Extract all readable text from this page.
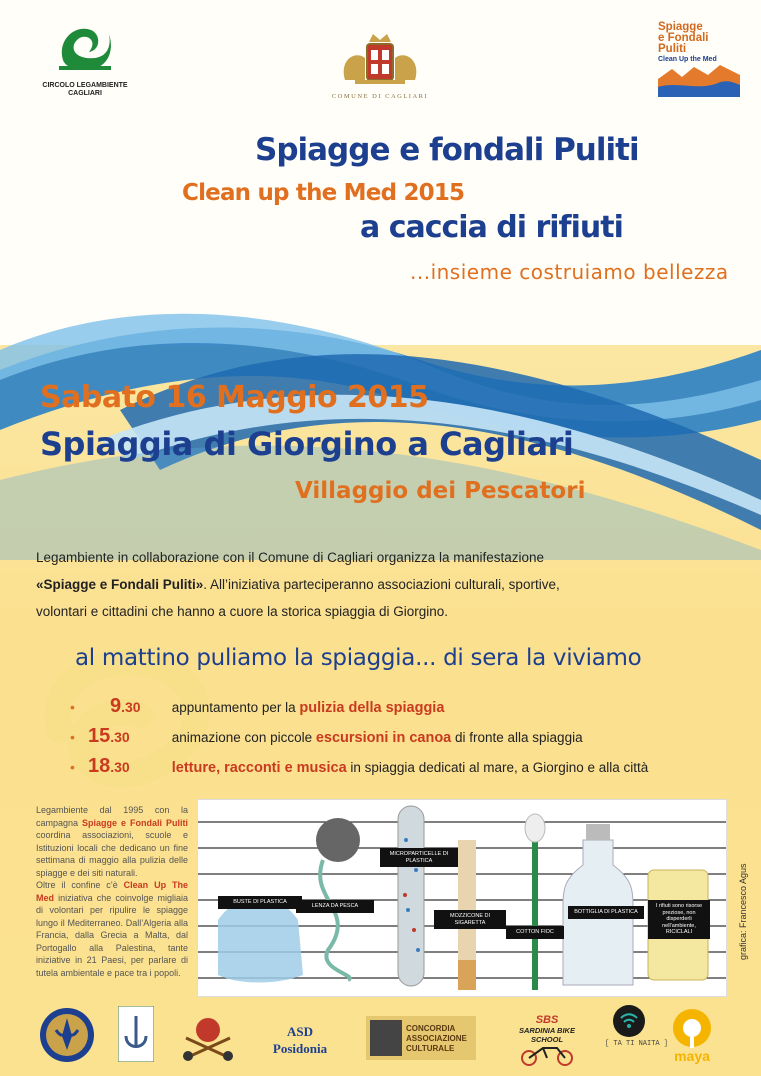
CIRCOLO LEGAMBIENTE
CAGLIARI	COMUNE DI CAGLIARI
Spiagge
e Fondali
Puliti
Clean Up the Med
Spiagge e fondali Puliti
Clean up the Med 2015
a caccia di rifiuti
...insieme costruiamo bellezza
Sabato 16 Maggio 2015
Spiaggia di Giorgino a Cagliari
Villaggio dei Pescatori

Legambiente in collaborazione con il Comune di Cagliari organizza la manifestazione

«Spiagge e Fondali Puliti». All’iniziativa parteciperanno associazioni culturali, sportive,

volontari e cittadini che hanno a cuore la storica spiaggia di Giorgino.

al mattino puliamo la spiaggia... di sera la viviamo
• 9.30 appuntamento per la pulizia della spiaggia
• 15.30	animazione con piccole escursioni in canoa di fronte alla spiaggia
• 18.30	letture, racconti e musica in spiaggia dedicati al mare, a Giorgino e alla città
Legambiente dal 1995 con la campagna Spiagge e Fondali Puliti coordina associazioni, scuole e Istituzioni locali che dedicano un fine settimana di maggio alla pulizia delle spiagge e dei siti naturali.
Oltre il confine c’è Clean Up The Med iniziativa che coinvolge migliaia di volontari per ripulire le spiagge lungo il Mediterraneo. Dall’Algeria alla Francia, dalla Grecia a Malta, dal Portogallo alla Palestina, tante iniziative in 21 Paesi, per parlare di tutela ambientale e pace tra i popoli.
BUSTE DI PLASTICA
LENZA DA PESCA
MICROPARTICELLE DI PLASTICA
MOZZICONE DI SIGARETTA
COTTON FIOC
BOTTIGLIA DI PLASTICA
I rifiuti sono risorse preziose, non disperderli nell'ambiente, RICICLALI	grafica: Francesco Agus
ASD
Posidonia
CONCORDIA ASSOCIAZIONE CULTURALE
SBS
SARDINIA BIKE SCHOOL	[ TA TI NAITA ]
maya
